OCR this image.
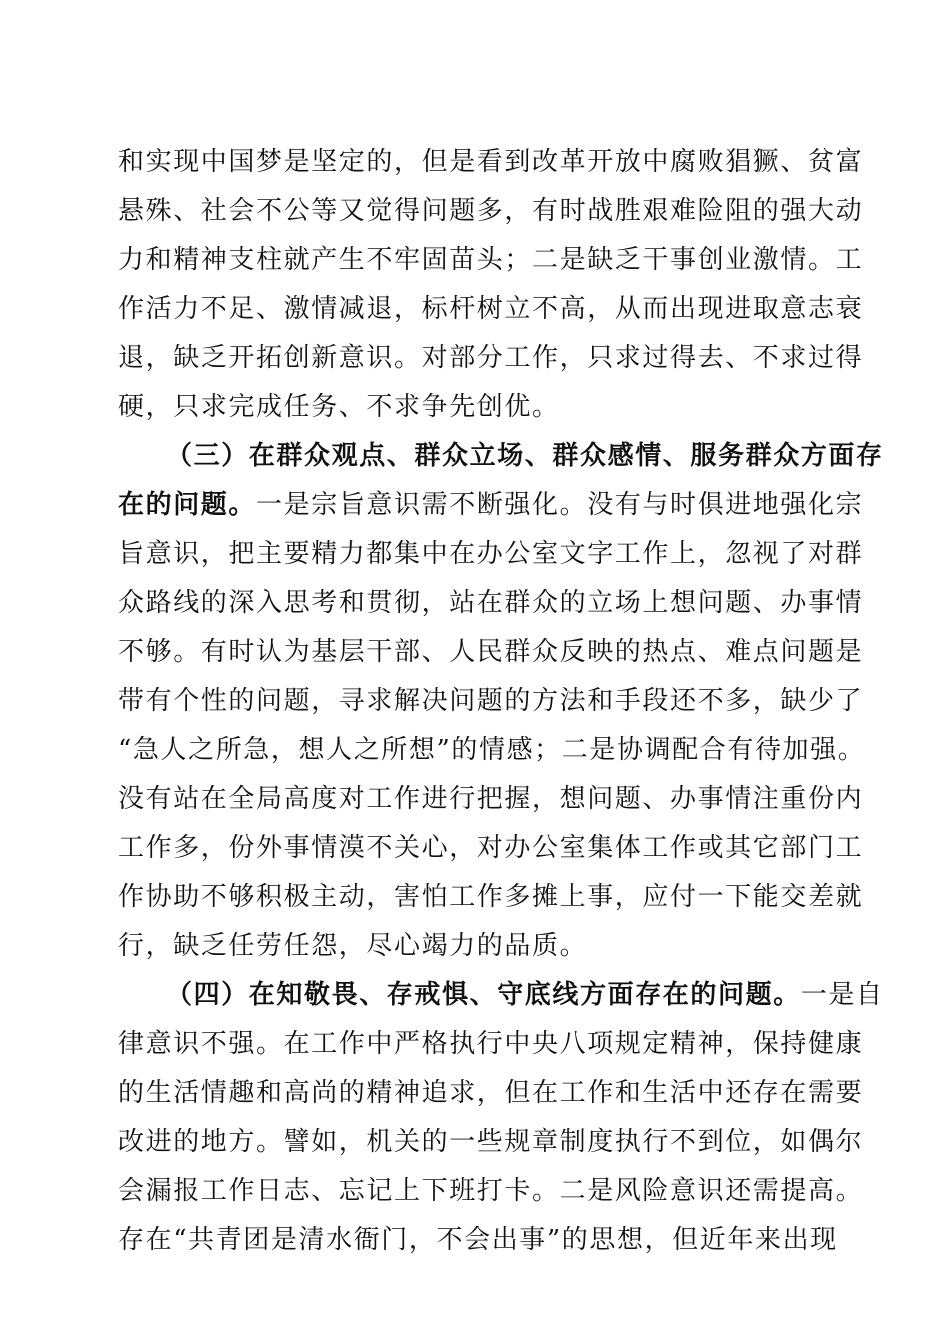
和实现中国梦是坚定的，但是看到改革开放中腐败猖獗、贫富
悬殊、社会不公等又觉得问题多，有时战胜艰难险阻的强大动
力和精神支柱就产生不牢固苗头；二是缺乏干事创业激情。工
作活力不足、激情减退，标杆树立不高，从而出现进取意志衰
退，缺乏开拓创新意识。对部分工作，只求过得去、不求过得
硬，只求完成任务、不求争先创优。
（三）在群众观点、群众立场、群众感情、服务群众方面存
在的问题。一是宗旨意识需不断强化。没有与时俱进地强化宗
旨意识，把主要精力都集中在办公室文字工作上，忽视了对群
众路线的深入思考和贯彻，站在群众的立场上想问题、办事情
不够。有时认为基层干部、人民群众反映的热点、难点问题是
带有个性的问题，寻求解决问题的方法和手段还不多，缺少了
“急人之所急，想人之所想”的情感；二是协调配合有待加强。
没有站在全局高度对工作进行把握，想问题、办事情注重份内
工作多，份外事情漠不关心，对办公室集体工作或其它部门工
作协助不够积极主动，害怕工作多摊上事，应付一下能交差就
行，缺乏任劳任怨，尽心竭力的品质。
（四）在知敬畏、存戒惧、守底线方面存在的问题。一是自
律意识不强。在工作中严格执行中央八项规定精神，保持健康
的生活情趣和高尚的精神追求，但在工作和生活中还存在需要
改进的地方。譬如，机关的一些规章制度执行不到位，如偶尔
会漏报工作日志、忘记上下班打卡。二是风险意识还需提高。
存在“共青团是清水衙门，不会出事”的思想，但近年来出现
